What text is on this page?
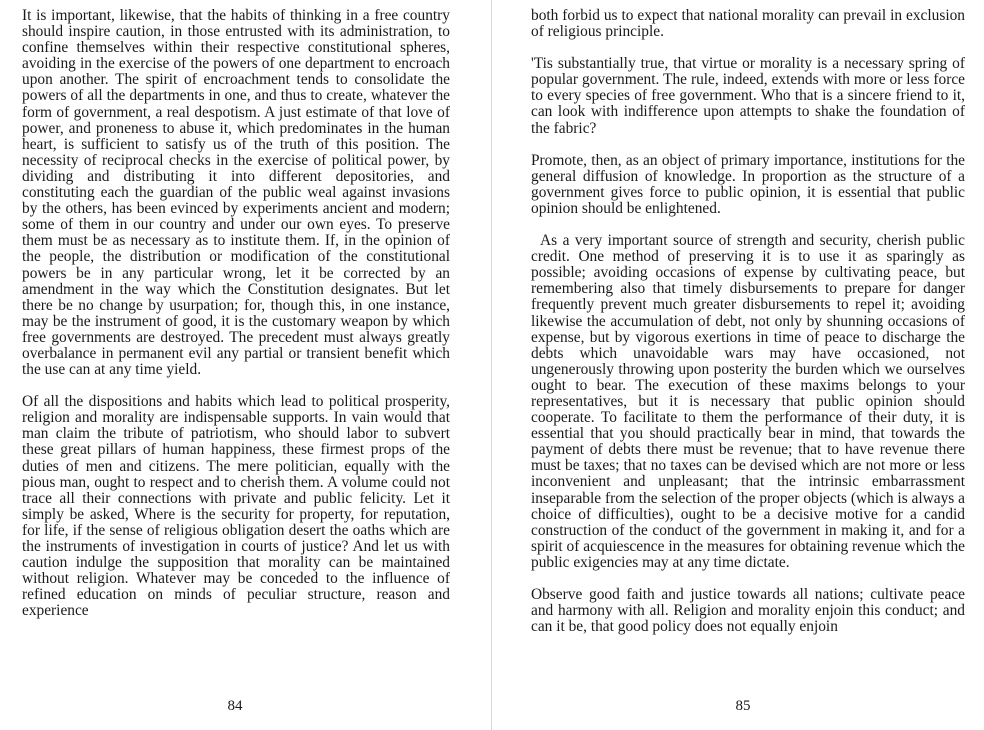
It is important, likewise, that the habits of thinking in a free country should inspire caution, in those entrusted with its administration, to confine themselves within their respective constitutional spheres, avoiding in the exercise of the powers of one department to encroach upon another. The spirit of encroachment tends to consolidate the powers of all the departments in one, and thus to create, whatever the form of government, a real despotism. A just estimate of that love of power, and proneness to abuse it, which predominates in the human heart, is sufficient to satisfy us of the truth of this position. The necessity of reciprocal checks in the exercise of political power, by dividing and distributing it into different depositories, and constituting each the guardian of the public weal against invasions by the others, has been evinced by experiments ancient and modern; some of them in our country and under our own eyes. To preserve them must be as necessary as to institute them. If, in the opinion of the people, the distribution or modification of the constitutional powers be in any particular wrong, let it be corrected by an amendment in the way which the Constitution designates. But let there be no change by usurpation; for, though this, in one instance, may be the instrument of good, it is the customary weapon by which free governments are destroyed. The precedent must always greatly overbalance in permanent evil any partial or transient benefit which the use can at any time yield.

Of all the dispositions and habits which lead to political prosperity, religion and morality are indispensable supports. In vain would that man claim the tribute of patriotism, who should labor to subvert these great pillars of human happiness, these firmest props of the duties of men and citizens. The mere politician, equally with the pious man, ought to respect and to cherish them. A volume could not trace all their connections with private and public felicity. Let it simply be asked, Where is the security for property, for reputation, for life, if the sense of religious obligation desert the oaths which are the instruments of investigation in courts of justice? And let us with caution indulge the supposition that morality can be maintained without religion. Whatever may be conceded to the influence of refined education on minds of peculiar structure, reason and experience

84

both forbid us to expect that national morality can prevail in exclusion of religious principle.

'Tis substantially true, that virtue or morality is a necessary spring of popular government. The rule, indeed, extends with more or less force to every species of free government. Who that is a sincere friend to it, can look with indifference upon attempts to shake the foundation of the fabric?

Promote, then, as an object of primary importance, institutions for the general diffusion of knowledge. In proportion as the structure of a government gives force to public opinion, it is essential that public opinion should be enlightened.

As a very important source of strength and security, cherish public credit. One method of preserving it is to use it as sparingly as possible; avoiding occasions of expense by cultivating peace, but remembering also that timely disbursements to prepare for danger frequently prevent much greater disbursements to repel it; avoiding likewise the accumulation of debt, not only by shunning occasions of expense, but by vigorous exertions in time of peace to discharge the debts which unavoidable wars may have occasioned, not ungenerously throwing upon posterity the burden which we ourselves ought to bear. The execution of these maxims belongs to your representatives, but it is necessary that public opinion should cooperate. To facilitate to them the performance of their duty, it is essential that you should practically bear in mind, that towards the payment of debts there must be revenue; that to have revenue there must be taxes; that no taxes can be devised which are not more or less inconvenient and unpleasant; that the intrinsic embarrassment inseparable from the selection of the proper objects (which is always a choice of difficulties), ought to be a decisive motive for a candid construction of the conduct of the government in making it, and for a spirit of acquiescence in the measures for obtaining revenue which the public exigencies may at any time dictate.

Observe good faith and justice towards all nations; cultivate peace and harmony with all. Religion and morality enjoin this conduct; and can it be, that good policy does not equally enjoin

85
